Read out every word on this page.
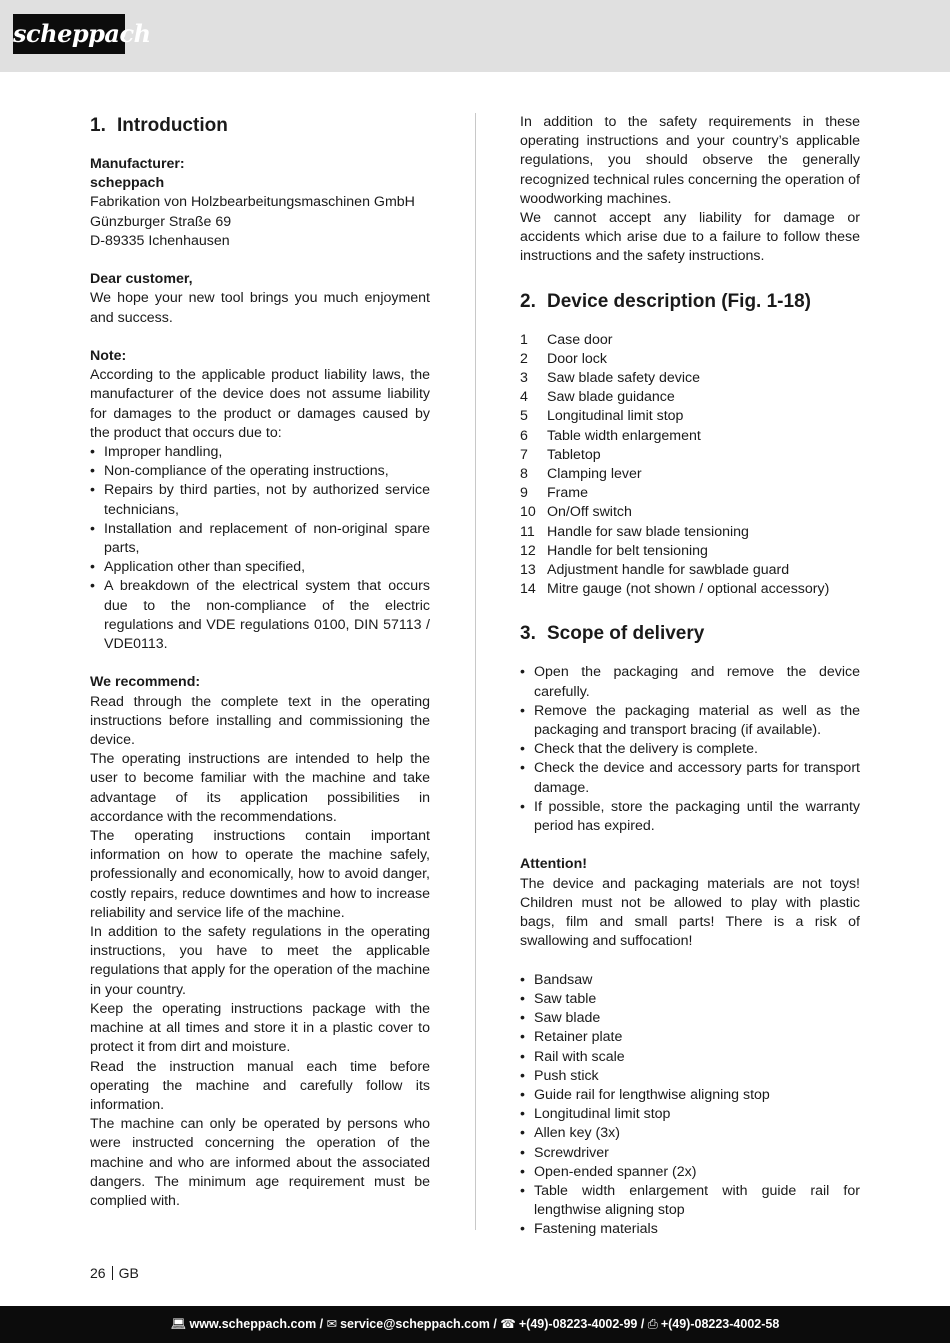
scheppach
1. Introduction

Manufacturer:

scheppach

Fabrikation von Holzbearbeitungsmaschinen GmbH

Günzburger Straße 69

D-89335 Ichenhausen

Dear customer,

We hope your new tool brings you much enjoyment and success.

Note:

According to the applicable product liability laws, the manufacturer of the device does not assume liability for damages to the product or damages caused by the product that occurs due to:

• Improper handling,
• Non-compliance of the operating instructions,
• Repairs by third parties, not by authorized service technicians,
• Installation and replacement of non-original spare parts,
• Application other than specified,
• A breakdown of the electrical system that occurs due to the non-compliance of the electric regulations and VDE regulations 0100, DIN 57113 / VDE0113.

We recommend:

Read through the complete text in the operating instructions before installing and commissioning the device.

The operating instructions are intended to help the user to become familiar with the machine and take advantage of its application possibilities in accordance with the recommendations.

The operating instructions contain important information on how to operate the machine safely, professionally and economically, how to avoid danger, costly repairs, reduce downtimes and how to increase reliability and service life of the machine.

In addition to the safety regulations in the operating instructions, you have to meet the applicable regulations that apply for the operation of the machine in your country.

Keep the operating instructions package with the machine at all times and store it in a plastic cover to protect it from dirt and moisture.

Read the instruction manual each time before operating the machine and carefully follow its information.

The machine can only be operated by persons who were instructed concerning the operation of the machine and who are informed about the associated dangers. The minimum age requirement must be complied with.

In addition to the safety requirements in these operating instructions and your country’s applicable regulations, you should observe the generally recognized technical rules concerning the operation of woodworking machines.

We cannot accept any liability for damage or accidents which arise due to a failure to follow these instructions and the safety instructions.

2. Device description (Fig. 1-18)
1	Case door
2	Door lock
3	Saw blade safety device
4	Saw blade guidance
5	Longitudinal limit stop
6	Table width enlargement
7	Tabletop
8	Clamping lever
9	Frame
10 On/Off switch
11 Handle for saw blade tensioning
12 Handle for belt tensioning
13 Adjustment handle for sawblade guard
14 Mitre gauge (not shown / optional accessory)
3. Scope of delivery
• Open the packaging and remove the device carefully.
• Remove the packaging material as well as the packaging and transport bracing (if available).
• Check that the delivery is complete.
• Check the device and accessory parts for transport damage.
• If possible, store the packaging until the warranty period has expired.

Attention!

The device and packaging materials are not toys! Children must not be allowed to play with plastic bags, film and small parts! There is a risk of swallowing and suffocation!

• Bandsaw
• Saw table
• Saw blade
• Retainer plate
• Rail with scale
• Push stick
• Guide rail for lengthwise aligning stop
• Longitudinal limit stop
• Allen key (3x)
• Screwdriver
• Open-ended spanner (2x)
• Table width enlargement with guide rail for lengthwise aligning stop
• Fastening materials
26 GB
💻︎ www.scheppach.com / ✉︎ service@scheppach.com / ☎ +(49)-08223-4002-99 / ⎙ +(49)-08223-4002-58
